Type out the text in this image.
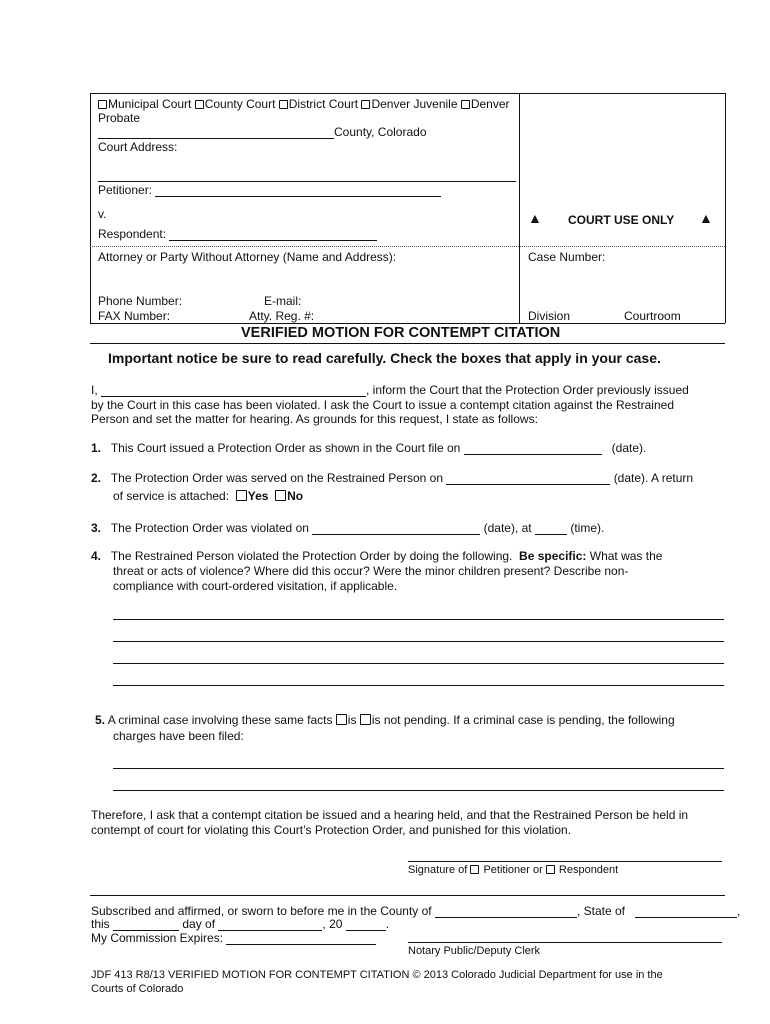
Municipal Court County Court District Court Denver Juvenile Denver
Probate
County, Colorado
Court Address:
Petitioner:
v.
Respondent:
▲ COURT USE ONLY ▲
Attorney or Party Without Attorney (Name and Address):	Case Number:
Phone Number:	E-mail:
FAX Number:	Atty. Reg. #:	Division	Courtroom
VERIFIED MOTION FOR CONTEMPT CITATION
Important notice be sure to read carefully. Check the boxes that apply in your case.
I,	, inform the Court that the Protection Order previously issued
by the Court in this case has been violated. I ask the Court to issue a contempt citation against the Restrained
Person and set the matter for hearing. As grounds for this request, I state as follows:
1. This Court issued a Protection Order as shown in the Court file on	(date).
2. The Protection Order was served on the Restrained Person on	(date). A return
of service is attached: Yes No
3. The Protection Order was violated on	(date), at	(time).
4. The Restrained Person violated the Protection Order by doing the following. Be specific: What was the
threat or acts of violence? Where did this occur? Were the minor children present? Describe non-
compliance with court-ordered visitation, if applicable.
5. A criminal case involving these same facts is is not pending. If a criminal case is pending, the following
charges have been filed:
Therefore, I ask that a contempt citation be issued and a hearing held, and that the Restrained Person be held in
contempt of court for violating this Court’s Protection Order, and punished for this violation.
Signature of Petitioner or Respondent
Subscribed and affirmed, or sworn to before me in the County of	, State of	,
this	day of	, 20	.
My Commission Expires:
Notary Public/Deputy Clerk
JDF 413 R8/13 VERIFIED MOTION FOR CONTEMPT CITATION © 2013 Colorado Judicial Department for use in the
Courts of Colorado
